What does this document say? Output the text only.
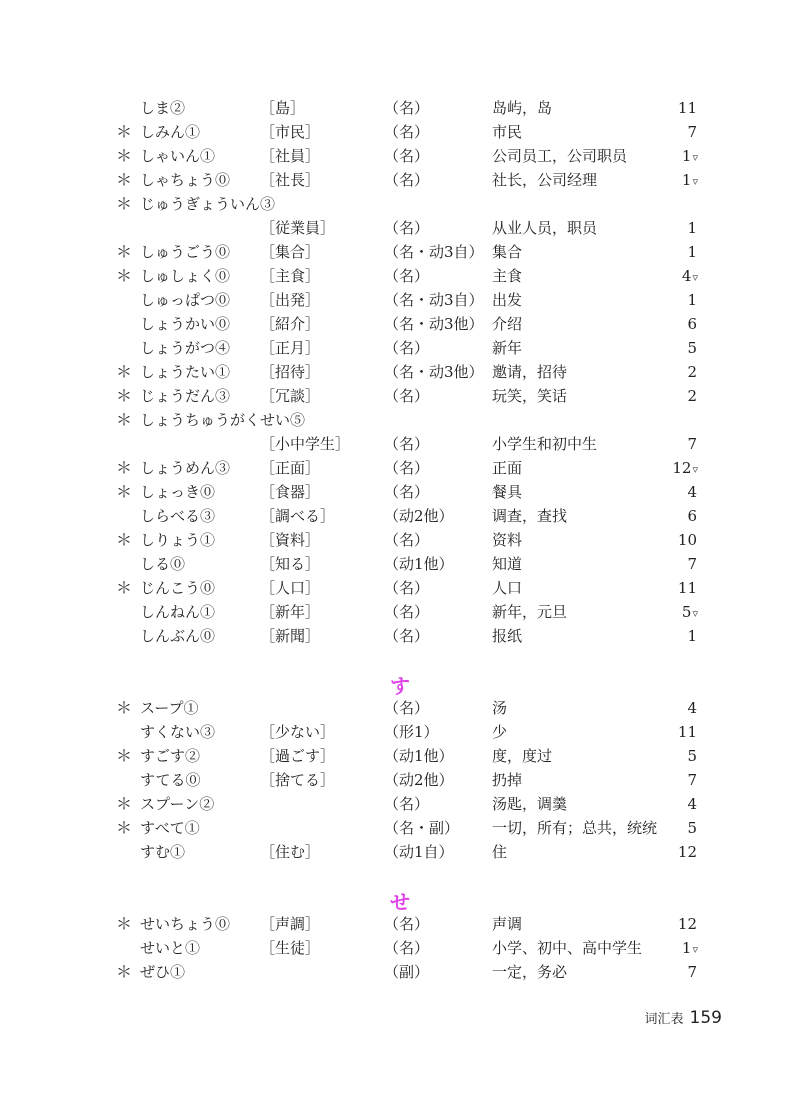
しま②	［島］	（名）	岛屿，岛	11
＊ しみん①	［市民］	（名）	市民	7
＊ しゃいん①	［社員］	（名）	公司员工，公司职员	1▿
＊ しゃちょう⓪ ［社長］	（名）	社长，公司经理	1▿
＊ じゅうぎょういん③
［従業員］	（名）	从业人员，职员	1
＊ しゅうごう⓪ ［集合］	（名・动3自） 集合	1
＊ しゅしょく⓪ ［主食］	（名）	主食	4▿
しゅっぱつ⓪ ［出発］	（名・动3自） 出发	1
しょうかい⓪ ［紹介］	（名・动3他） 介绍	6
しょうがつ④ ［正月］	（名）	新年	5
＊ しょうたい① ［招待］	（名・动3他） 邀请，招待	2
＊ じょうだん③ ［冗談］	（名）	玩笑，笑话	2
＊ しょうちゅうがくせい⑤
［小中学生］ （名）	小学生和初中生	7
＊ しょうめん③ ［正面］	（名）	正面	12▿
＊ しょっき⓪	［食器］	（名）	餐具	4
しらべる③	［調べる］	（动2他）	调查，查找	6
＊ しりょう①	［資料］	（名）	资料	10
しる⓪	［知る］	（动1他）	知道	7
＊ じんこう⓪	［人口］	（名）	人口	11
しんねん①	［新年］	（名）	新年，元旦	5▿
しんぶん⓪	［新聞］	（名）	报纸	1
す
＊ スープ①	（名）	汤	4
すくない③	［少ない］	（形1）	少	11
＊ すごす②	［過ごす］	（动1他）	度，度过	5
すてる⓪	［捨てる］	（动2他）	扔掉	7
＊ スプーン②	（名）	汤匙，调羹	4
＊ すべて①	（名・副） 一切，所有；总共，统统	5
すむ①	［住む］	（动1自）	住	12
せ
＊ せいちょう⓪ ［声調］	（名）	声调	12
せいと①	［生徒］	（名）	小学、初中、高中学生	1▿
＊ ぜひ①	（副）	一定，务必	7
词汇表 159
